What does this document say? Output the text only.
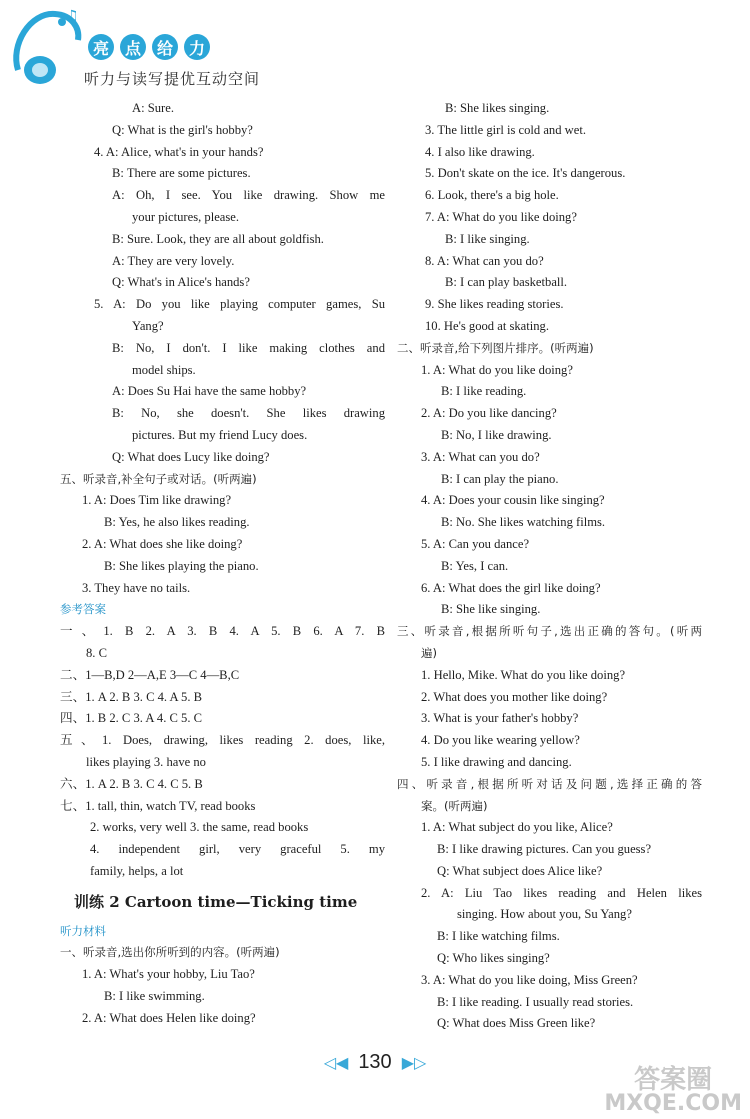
♫
亮 点 给 力
听力与读写提优互动空间
A: Sure.
Q: What is the girl's hobby?
4. A: Alice, what's in your hands?
B: There are some pictures.
A: Oh, I see. You like drawing. Show me
your pictures, please.
B: Sure. Look, they are all about goldfish.
A: They are very lovely.
Q: What's in Alice's hands?
5. A: Do you like playing computer games, Su
Yang?
B: No, I don't. I like making clothes and
model ships.
A: Does Su Hai have the same hobby?
B: No, she doesn't. She likes drawing
pictures. But my friend Lucy does.
Q: What does Lucy like doing?
五、听录音,补全句子或对话。(听两遍)
1. A: Does Tim like drawing?
B: Yes, he also likes reading.
2. A: What does she like doing?
B: She likes playing the piano.
3. They have no tails.
参考答案
一、1. B 2. A 3. B 4. A 5. B 6. A 7. B
8. C
二、1—B,D 2—A,E 3—C 4—B,C
三、1. A 2. B 3. C 4. A 5. B
四、1. B 2. C 3. A 4. C 5. C
五、1. Does, drawing, likes reading 2. does, like,
likes playing 3. have no
六、1. A 2. B 3. C 4. C 5. B
七、1. tall, thin, watch TV, read books
2. works, very well 3. the same, read books
4. independent girl, very graceful 5. my
family, helps, a lot
训练 2 Cartoon time—Ticking time
听力材料
一、听录音,选出你所听到的内容。(听两遍)
1. A: What's your hobby, Liu Tao?
B: I like swimming.
2. A: What does Helen like doing?
B: She likes singing.
3. The little girl is cold and wet.
4. I also like drawing.
5. Don't skate on the ice. It's dangerous.
6. Look, there's a big hole.
7. A: What do you like doing?
B: I like singing.
8. A: What can you do?
B: I can play basketball.
9. She likes reading stories.
10. He's good at skating.
二、听录音,给下列图片排序。(听两遍)
1. A: What do you like doing?
B: I like reading.
2. A: Do you like dancing?
B: No, I like drawing.
3. A: What can you do?
B: I can play the piano.
4. A: Does your cousin like singing?
B: No. She likes watching films.
5. A: Can you dance?
B: Yes, I can.
6. A: What does the girl like doing?
B: She like singing.
三、听录音,根据所听句子,选出正确的答句。(听两
遍)
1. Hello, Mike. What do you like doing?
2. What does you mother like doing?
3. What is your father's hobby?
4. Do you like wearing yellow?
5. I like drawing and dancing.
四、听录音,根据所听对话及问题,选择正确的答
案。(听两遍)
1. A: What subject do you like, Alice?
B: I like drawing pictures. Can you guess?
Q: What subject does Alice like?
2. A: Liu Tao likes reading and Helen likes
singing. How about you, Su Yang?
B: I like watching films.
Q: Who likes singing?
3. A: What do you like doing, Miss Green?
B: I like reading. I usually read stories.
Q: What does Miss Green like?
◁◀ 130 ▶▷
答案圈
MXQE.COM
